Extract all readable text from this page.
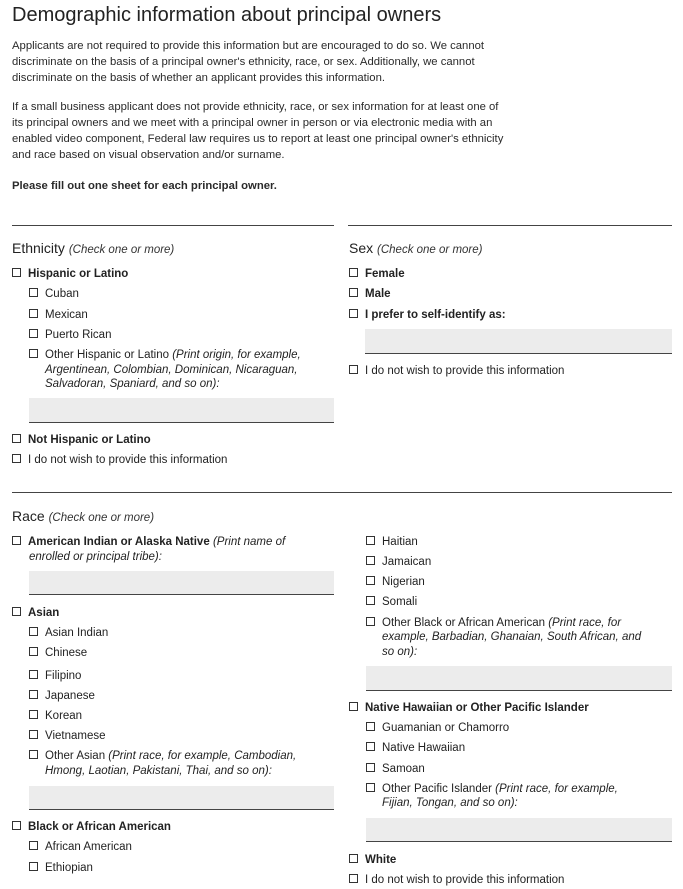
Demographic information about principal owners
Applicants are not required to provide this information but are encouraged to do so. We cannot
discriminate on the basis of a principal owner's ethnicity, race, or sex. Additionally, we cannot
discriminate on the basis of whether an applicant provides this information.
If a small business applicant does not provide ethnicity, race, or sex information for at least one of
its principal owners and we meet with a principal owner in person or via electronic media with an
enabled video component, Federal law requires us to report at least one principal owner's ethnicity
and race based on visual observation and/or surname.
Please fill out one sheet for each principal owner.
Ethnicity (Check one or more)
Hispanic or Latino
Cuban
Mexican
Puerto Rican
Other Hispanic or Latino (Print origin, for example,
Argentinean, Colombian, Dominican, Nicaraguan,
Salvadoran, Spaniard, and so on):
Not Hispanic or Latino
I do not wish to provide this information
Sex (Check one or more)
Female
Male
I prefer to self-identify as:
I do not wish to provide this information
Race (Check one or more)
American Indian or Alaska Native (Print name of
enrolled or principal tribe):
Asian
Asian Indian
Chinese
Filipino
Japanese
Korean
Vietnamese
Other Asian (Print race, for example, Cambodian,
Hmong, Laotian, Pakistani, Thai, and so on):
Black or African American
African American
Ethiopian
Haitian
Jamaican
Nigerian
Somali
Other Black or African American (Print race, for
example, Barbadian, Ghanaian, South African, and
so on):
Native Hawaiian or Other Pacific Islander
Guamanian or Chamorro
Native Hawaiian
Samoan
Other Pacific Islander (Print race, for example,
Fijian, Tongan, and so on):
White
I do not wish to provide this information
